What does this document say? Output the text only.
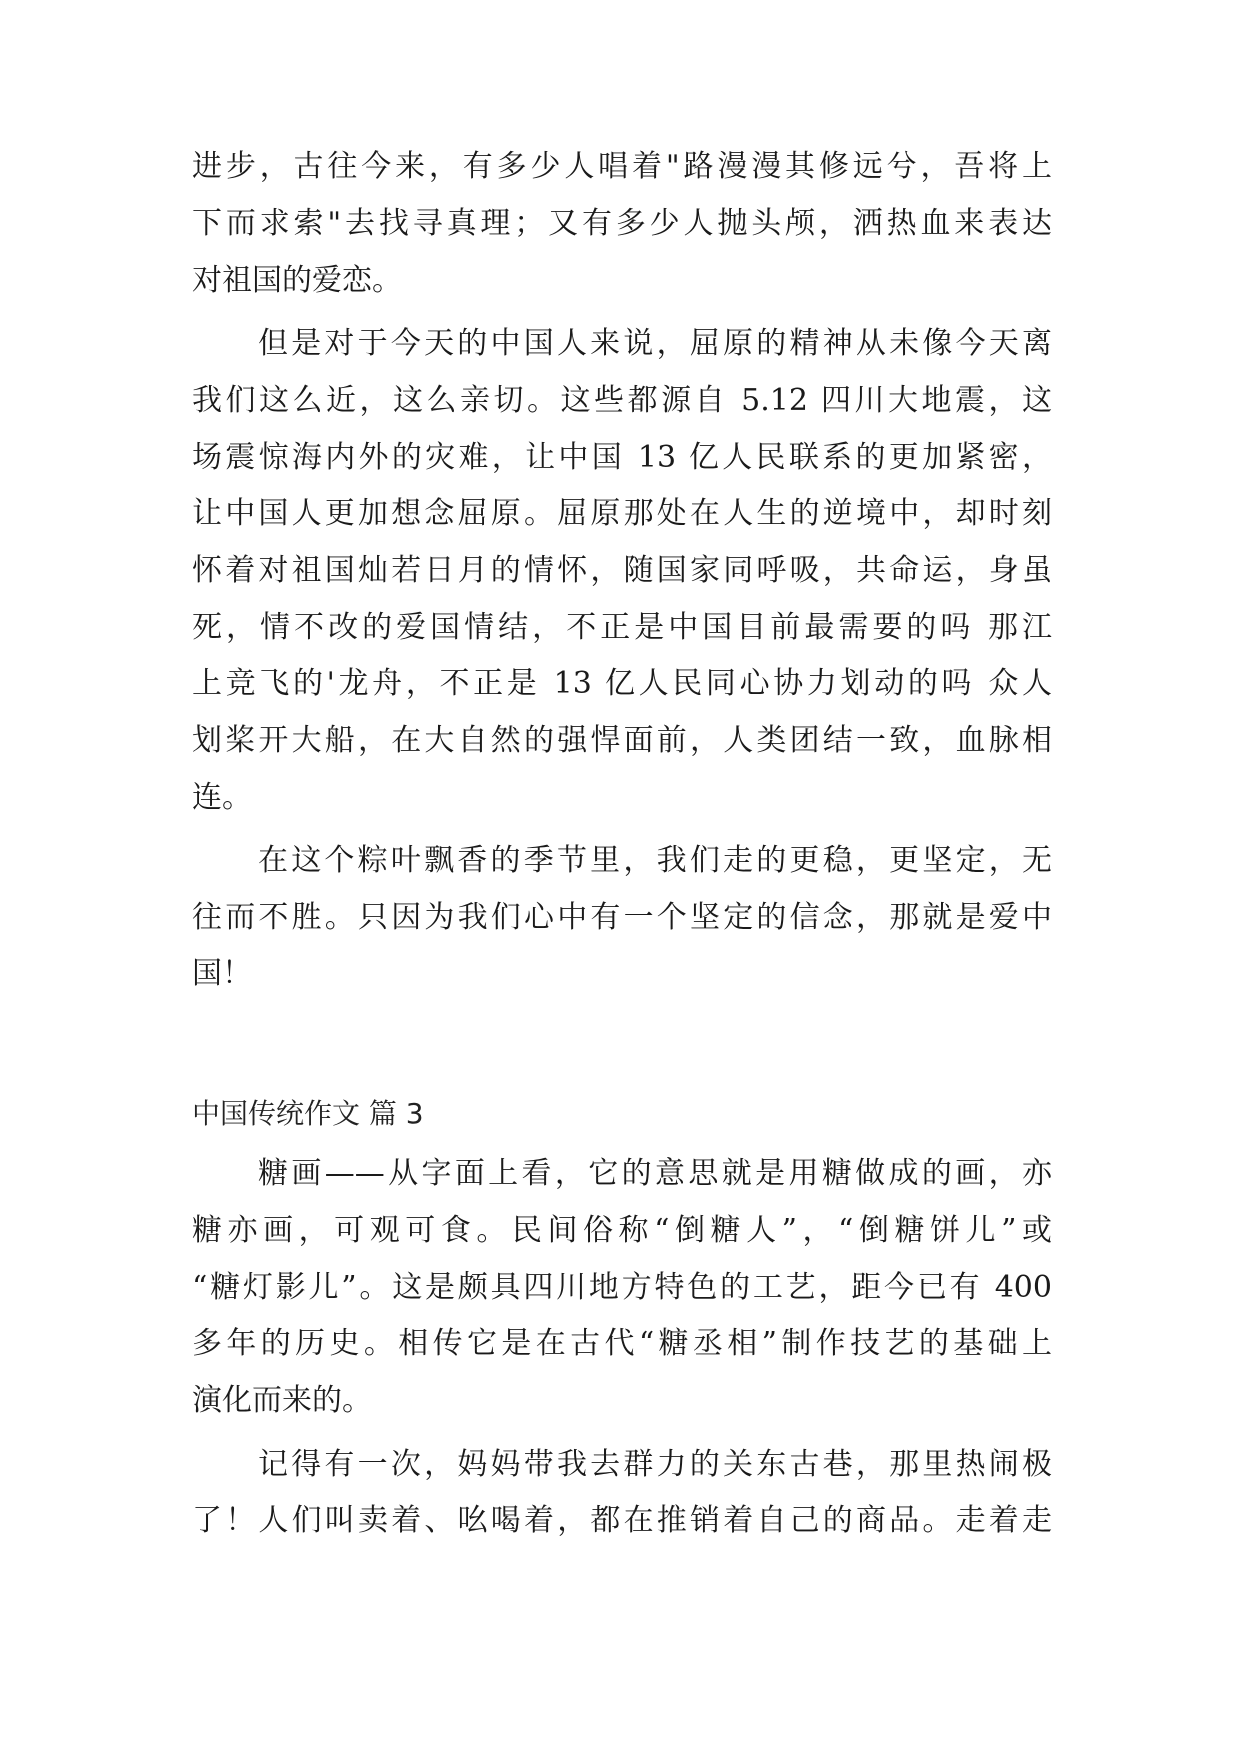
进步，古往今来，有多少人唱着"路漫漫其修远兮，吾将上
下而求索"去找寻真理；又有多少人抛头颅，洒热血来表达
对祖国的爱恋。
但是对于今天的中国人来说，屈原的精神从未像今天离
我们这么近，这么亲切。这些都源自 5.12 四川大地震，这
场震惊海内外的灾难，让中国 13 亿人民联系的更加紧密，
让中国人更加想念屈原。屈原那处在人生的逆境中，却时刻
怀着对祖国灿若日月的情怀，随国家同呼吸，共命运，身虽
死，情不改的爱国情结，不正是中国目前最需要的吗 那江
上竞飞的'龙舟，不正是 13 亿人民同心协力划动的吗 众人
划桨开大船，在大自然的强悍面前，人类团结一致，血脉相
连。
在这个粽叶飘香的季节里，我们走的更稳，更坚定，无
往而不胜。只因为我们心中有一个坚定的信念，那就是爱中
国！
中国传统作文 篇 3
糖画——从字面上看，它的意思就是用糖做成的画，亦
糖亦画，可观可食。民间俗称“倒糖人”，“倒糖饼儿”或
“糖灯影儿”。这是颇具四川地方特色的工艺，距今已有 400
多年的历史。相传它是在古代“糖丞相”制作技艺的基础上
演化而来的。
记得有一次，妈妈带我去群力的关东古巷，那里热闹极
了！人们叫卖着、吆喝着，都在推销着自己的商品。走着走
